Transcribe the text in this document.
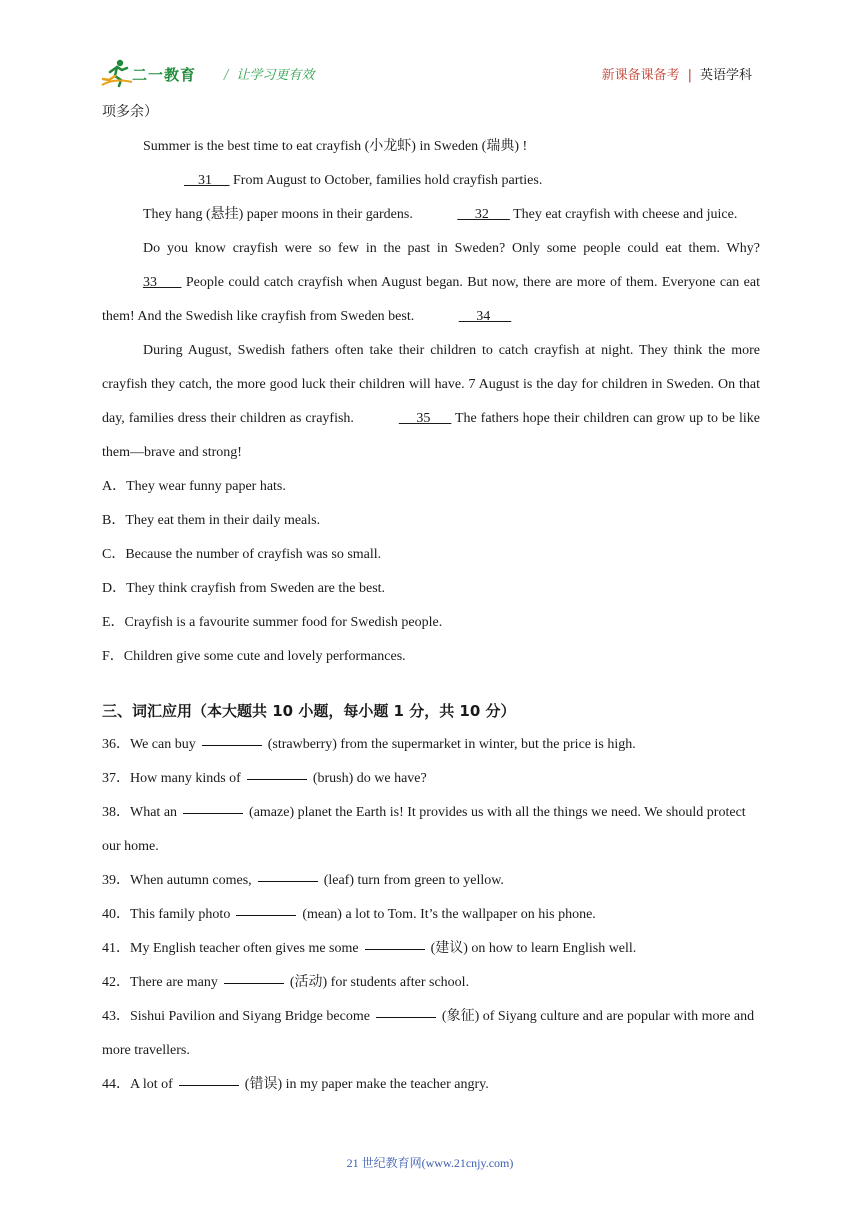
二一教育 / 让学习更有效	新课备课备考 | 英语学科

项多余）

Summer is the best time to eat crayfish (小龙虾) in Sweden (瑞典) !

31      From August to October, families hold crayfish parties.

They hang (悬挂) paper moons in their gardens.	32       They eat crayfish with cheese and juice.

Do you know crayfish were so few in the past in Sweden? Only some people could eat them. Why? 33        People could catch crayfish when August began. But now, there are more of them. Everyone can eat them! And the Swedish like crayfish from Sweden best.	34

During August, Swedish fathers often take their children to catch crayfish at night. They think the more crayfish they catch, the more good luck their children will have. 7 August is the day for children in Sweden. On that day, families dress their children as crayfish.	35       The fathers hope their children can grow up to be like them—brave and strong!

A．They wear funny paper hats.

B．They eat them in their daily meals.

C．Because the number of crayfish was so small.

D．They think crayfish from Sweden are the best.

E．Crayfish is a favourite summer food for Swedish people.

F．Children give some cute and lovely performances.

三、词汇应用（本大题共 10 小题，每小题 1 分，共 10 分）

36．We can buy	(strawberry) from the supermarket in winter, but the price is high.

37．How many kinds of	(brush) do we have?

38．What an	(amaze) planet the Earth is! It provides us with all the things we need. We should protect our home.

39．When autumn comes,	(leaf) turn from green to yellow.

40．This family photo	(mean) a lot to Tom. It’s the wallpaper on his phone.

41．My English teacher often gives me some	(建议) on how to learn English well.

42．There are many	(活动) for students after school.

43．Sishui Pavilion and Siyang Bridge become	(象征) of Siyang culture and are popular with more and more travellers.

44．A lot of	(错误) in my paper make the teacher angry.

21 世纪教育网(www.21cnjy.com)
